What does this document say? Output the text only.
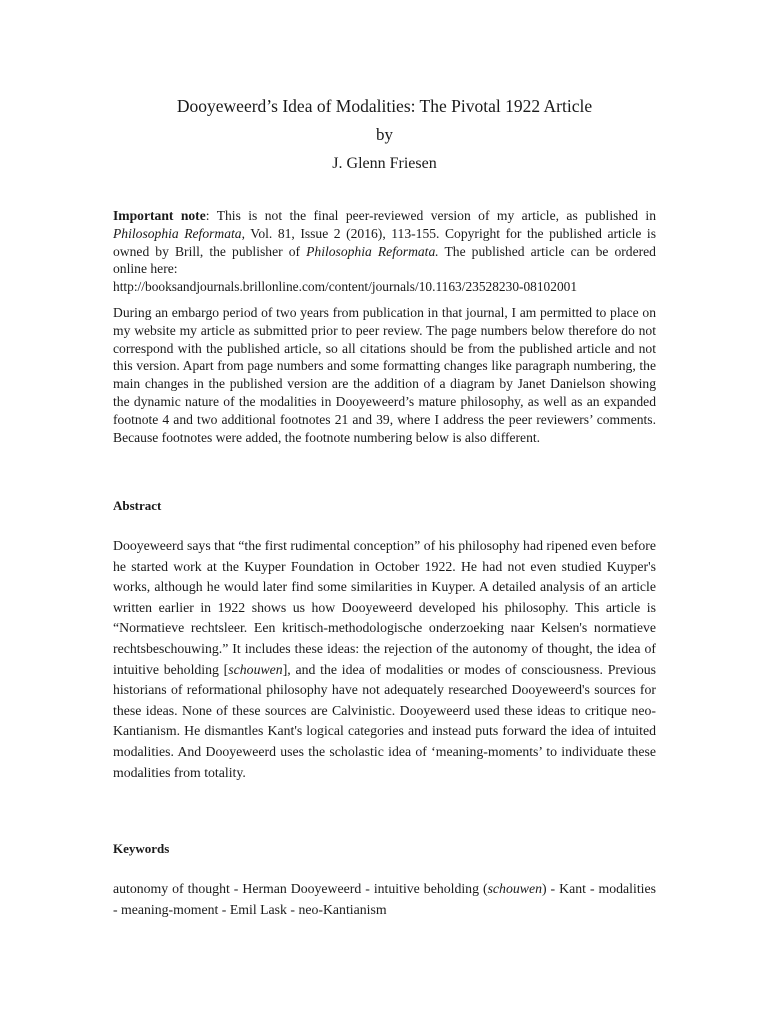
Dooyeweerd’s Idea of Modalities: The Pivotal 1922 Article
by
J. Glenn Friesen

Important note: This is not the final peer-reviewed version of my article, as published in Philosophia Reformata, Vol. 81, Issue 2 (2016), 113-155. Copyright for the published article is owned by Brill, the publisher of Philosophia Reformata. The published article can be ordered online here:

http://booksandjournals.brillonline.com/content/journals/10.1163/23528230-08102001

During an embargo period of two years from publication in that journal, I am permitted to place on my website my article as submitted prior to peer review. The page numbers below therefore do not correspond with the published article, so all citations should be from the published article and not this version. Apart from page numbers and some formatting changes like paragraph numbering, the main changes in the published version are the addition of a diagram by Janet Danielson showing the dynamic nature of the modalities in Dooyeweerd’s mature philosophy, as well as an expanded footnote 4 and two additional footnotes 21 and 39, where I address the peer reviewers’ comments. Because footnotes were added, the footnote numbering below is also different.

Abstract

Dooyeweerd says that “the first rudimental conception” of his philosophy had ripened even before he started work at the Kuyper Foundation in October 1922. He had not even studied Kuyper's works, although he would later find some similarities in Kuyper. A detailed analysis of an article written earlier in 1922 shows us how Dooyeweerd developed his philosophy. This article is “Normatieve rechtsleer. Een kritisch-methodologische onderzoeking naar Kelsen's normatieve rechtsbeschouwing.” It includes these ideas: the rejection of the autonomy of thought, the idea of intuitive beholding [schouwen], and the idea of modalities or modes of consciousness. Previous historians of reformational philosophy have not adequately researched Dooyeweerd's sources for these ideas. None of these sources are Calvinistic. Dooyeweerd used these ideas to critique neo-Kantianism. He dismantles Kant's logical categories and instead puts forward the idea of intuited modalities. And Dooyeweerd uses the scholastic idea of ‘meaning-moments’ to individuate these modalities from totality.

Keywords

autonomy of thought - Herman Dooyeweerd - intuitive beholding (schouwen) - Kant - modalities - meaning-moment - Emil Lask - neo-Kantianism
